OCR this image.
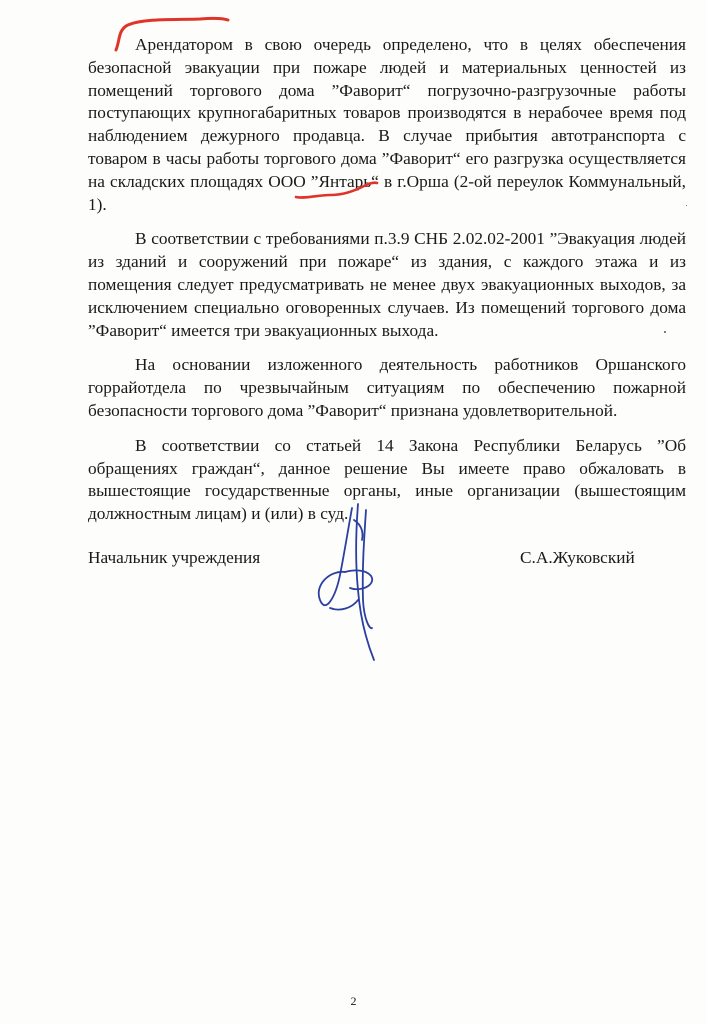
Арендатором в свою очередь определено, что в целях обеспечения безопасной эвакуации при пожаре людей и материальных ценностей из помещений торгового дома ”Фаворит“ погрузочно-разгрузочные работы поступающих крупногабаритных товаров производятся в нерабочее время под наблюдением дежурного продавца. В случае прибытия автотранспорта с товаром в часы работы торгового дома ”Фаворит“ его разгрузка осуществляется на складских площадях ООО ”Янтарь“ в г.Орша (2-ой переулок Коммунальный, 1).

В соответствии с требованиями п.3.9 СНБ 2.02.02-2001 ”Эвакуация людей из зданий и сооружений при пожаре“ из здания, с каждого этажа и из помещения следует предусматривать не менее двух эвакуационных выходов, за исключением специально оговоренных случаев. Из помещений торгового дома ”Фаворит“ имеется три эвакуационных выхода.

На основании изложенного деятельность работников Оршанского горрайотдела по чрезвычайным ситуациям по обеспечению пожарной безопасности торгового дома ”Фаворит“ признана удовлетворительной.

В соответствии со статьей 14 Закона Республики Беларусь ”Об обращениях граждан“, данное решение Вы имеете право обжаловать в вышестоящие государственные органы, иные организации (вышестоящим должностным лицам) и (или) в суд.

Начальник учреждения	С.А.Жуковский
2
